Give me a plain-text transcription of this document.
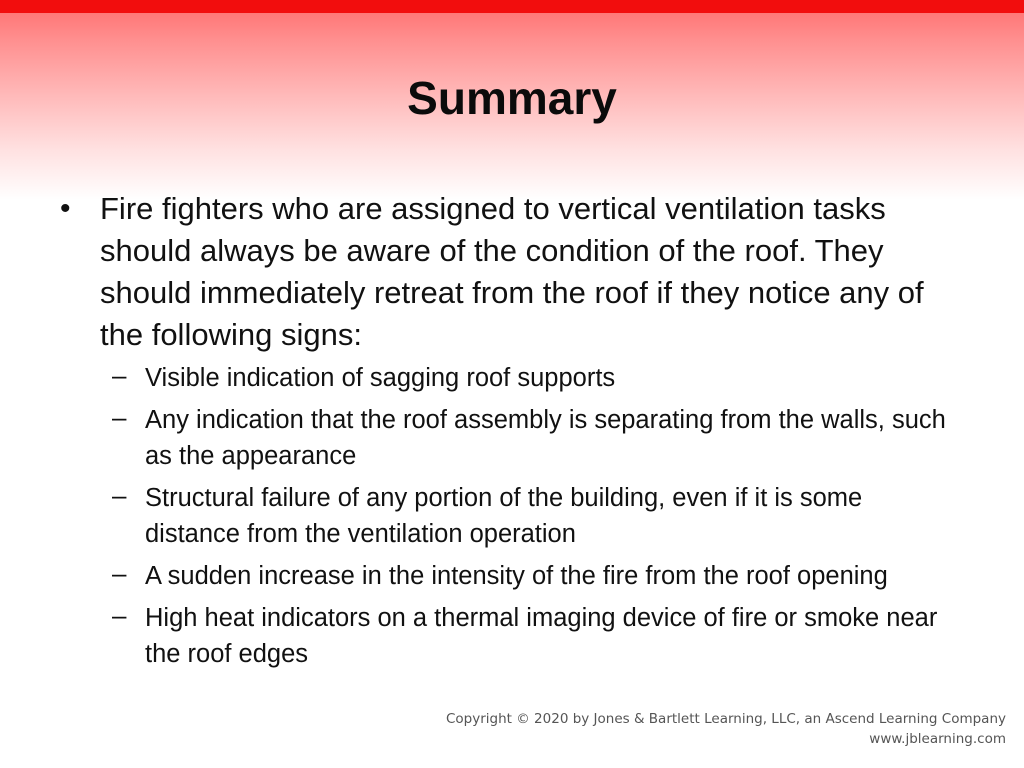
Summary
• Fire fighters who are assigned to vertical ventilation tasks should always be aware of the condition of the roof. They should immediately retreat from the roof if they notice any of the following signs:
– Visible indication of sagging roof supports
– Any indication that the roof assembly is separating from the walls, such as the appearance
– Structural failure of any portion of the building, even if it is some distance from the ventilation operation
– A sudden increase in the intensity of the fire from the roof opening
– High heat indicators on a thermal imaging device of fire or smoke near the roof edges
Copyright © 2020 by Jones & Bartlett Learning, LLC, an Ascend Learning Company
www.jblearning.com
